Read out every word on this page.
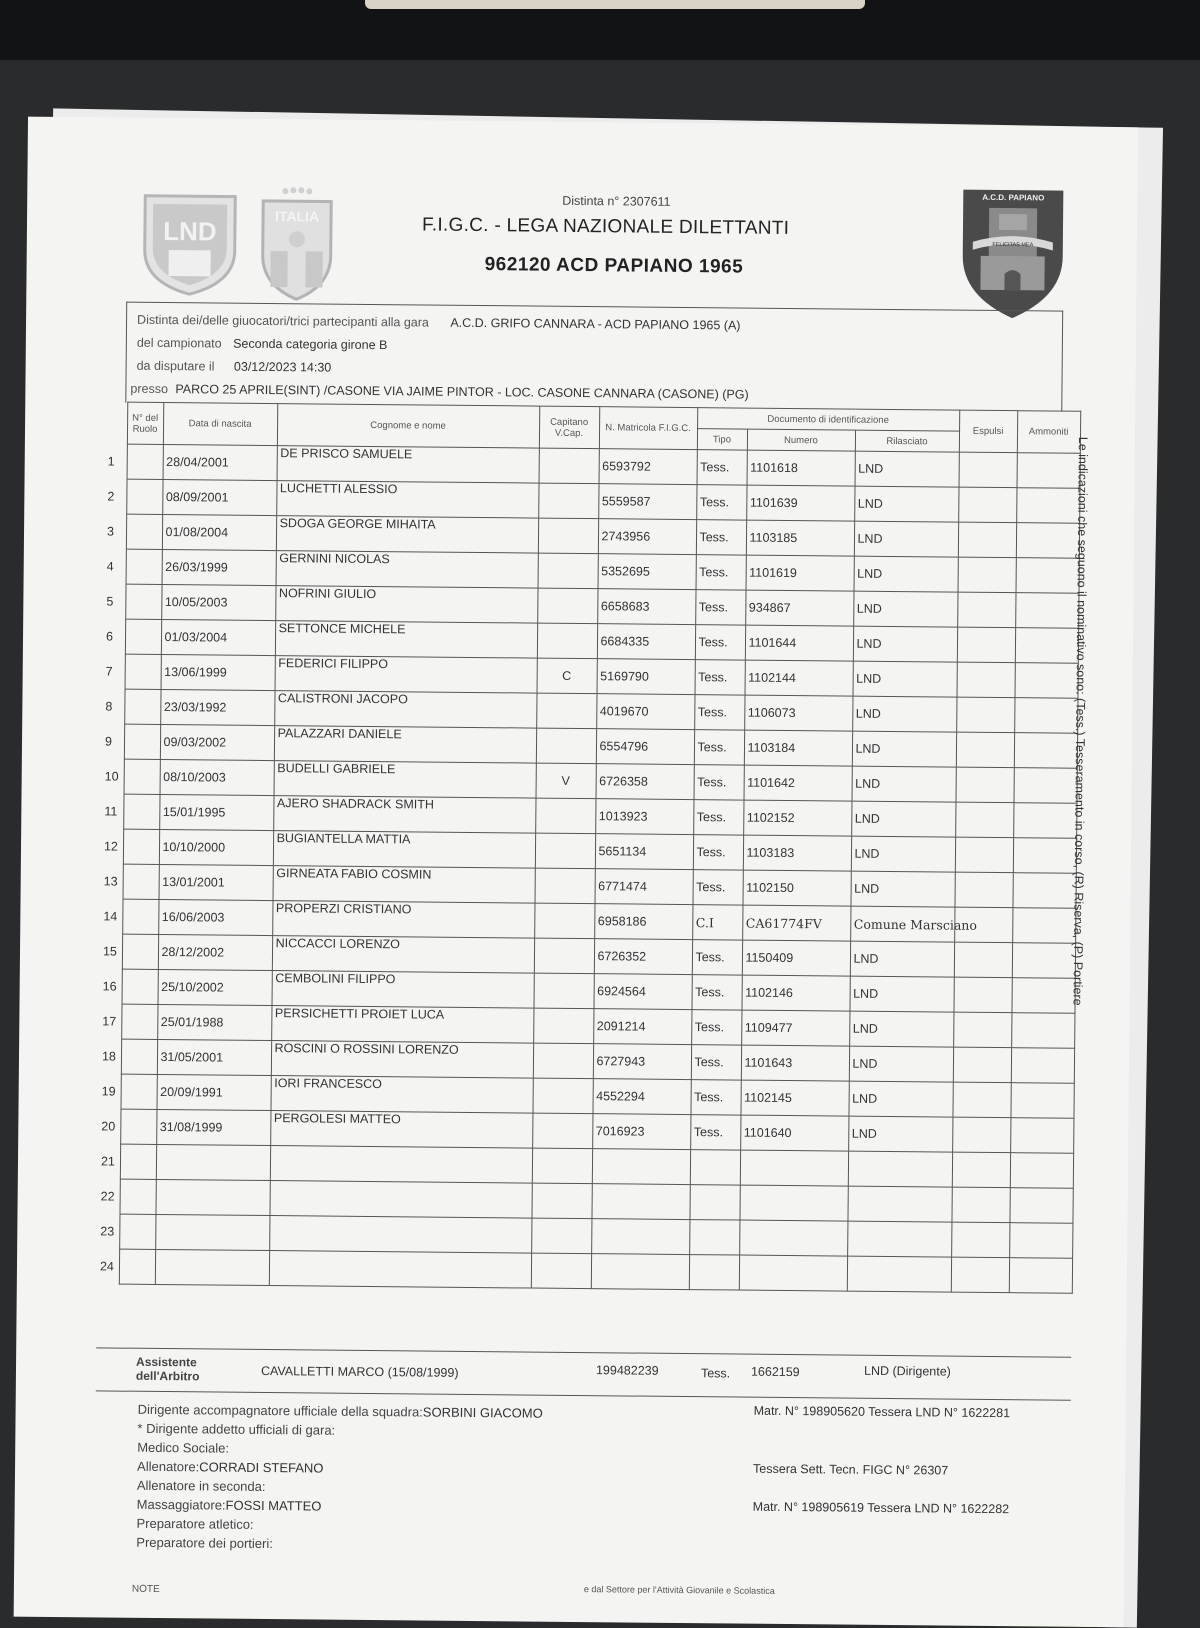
LND	ITALIA
A.C.D. PAPIANO
FELICITAS MEA
Distinta n° 2307611
F.I.G.C. - LEGA NAZIONALE DILETTANTI
962120 ACD PAPIANO 1965
Distinta dei/delle giuocatori/trici partecipanti alla gara A.C.D. GRIFO CANNARA - ACD PAPIANO 1965 (A)
del campionato Seconda categoria girone B
da disputare il 03/12/2023 14:30
presso PARCO 25 APRILE(SINT) /CASONE VIA JAIME PINTOR - LOC. CASONE CANNARA (CASONE) (PG)
	N° del Ruolo	Data di nascita	Cognome e nome	Capitano V.Cap.	N. Matricola F.I.G.C.	Documento di identificazione			Espulsi	Ammoniti
						Tipo	Numero	Rilasciato		
1		28/04/2001	DE PRISCO SAMUELE		6593792	Tess.	1101618	LND		
2		08/09/2001	LUCHETTI ALESSIO		5559587	Tess.	1101639	LND		
3		01/08/2004	SDOGA GEORGE MIHAITA		2743956	Tess.	1103185	LND		
4		26/03/1999	GERNINI NICOLAS		5352695	Tess.	1101619	LND		
5		10/05/2003	NOFRINI GIULIO		6658683	Tess.	934867	LND		
6		01/03/2004	SETTONCE MICHELE		6684335	Tess.	1101644	LND		
7		13/06/1999	FEDERICI FILIPPO	C	5169790	Tess.	1102144	LND		
8		23/03/1992	CALISTRONI JACOPO		4019670	Tess.	1106073	LND		
9		09/03/2002	PALAZZARI DANIELE		6554796	Tess.	1103184	LND		
10		08/10/2003	BUDELLI GABRIELE	V	6726358	Tess.	1101642	LND		
11		15/01/1995	AJERO SHADRACK SMITH		1013923	Tess.	1102152	LND		
12		10/10/2000	BUGIANTELLA MATTIA		5651134	Tess.	1103183	LND		
13		13/01/2001	GIRNEATA FABIO COSMIN		6771474	Tess.	1102150	LND		
14		16/06/2003	PROPERZI CRISTIANO		6958186	C.I	CA61774FV	Comune Marsciano		
15		28/12/2002	NICCACCI LORENZO		6726352	Tess.	1150409	LND		
16		25/10/2002	CEMBOLINI FILIPPO		6924564	Tess.	1102146	LND		
17		25/01/1988	PERSICHETTI PROIET LUCA		2091214	Tess.	1109477	LND		
18		31/05/2001	ROSCINI O ROSSINI LORENZO		6727943	Tess.	1101643	LND		
19		20/09/1991	IORI FRANCESCO		4552294	Tess.	1102145	LND		
20		31/08/1999	PERGOLESI MATTEO		7016923	Tess.	1101640	LND		
21										
22										
23										
24										
Assistente dell'Arbitro	CAVALLETTI MARCO (15/08/1999)	199482239	Tess. 1662159	LND (Dirigente)
Dirigente accompagnatore ufficiale della squadra:SORBINI GIACOMO
* Dirigente addetto ufficiali di gara:
Medico Sociale:
Allenatore:CORRADI STEFANO
Allenatore in seconda:
Massaggiatore:FOSSI MATTEO
Preparatore atletico:
Preparatore dei portieri:
Matr. N° 198905620 Tessera LND N° 1622281
Tessera Sett. Tecn. FIGC N° 26307
Matr. N° 198905619 Tessera LND N° 1622282
NOTE	e dal Settore per l'Attività Giovanile e Scolastica
Le indicazioni che seguono il nominativo sono: (Tess.) Tesseramento in corso, (R) Riserva, (P) Portiere
